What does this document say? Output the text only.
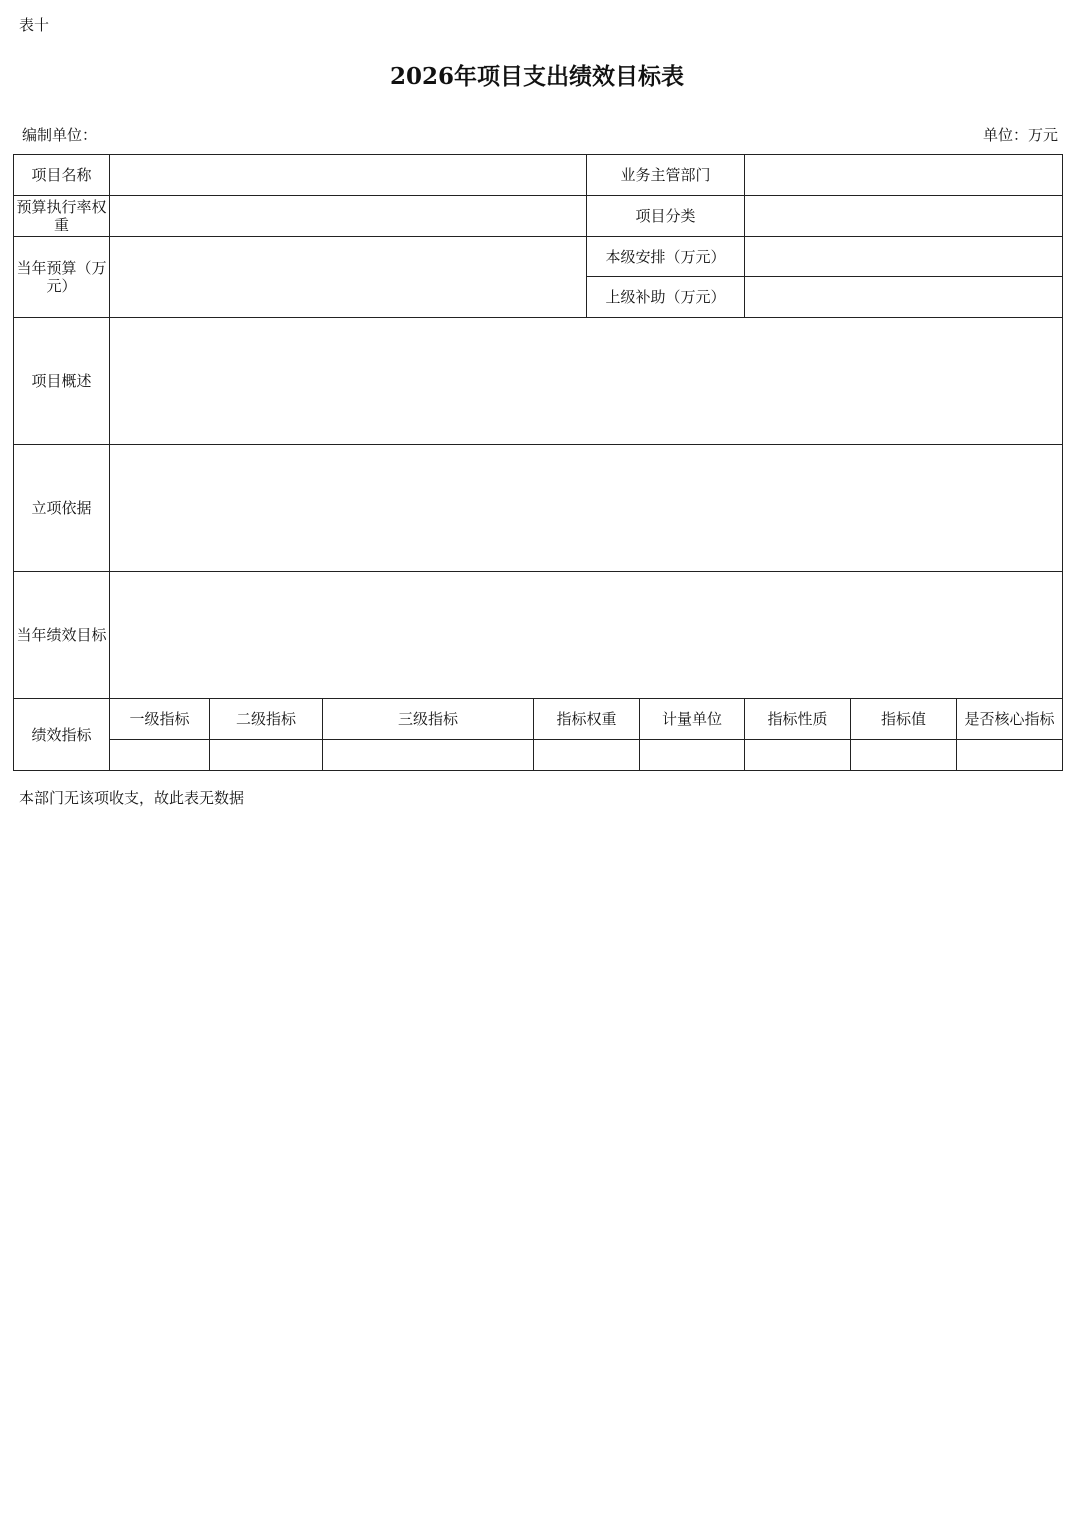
表十
2026年项目支出绩效目标表
编制单位：	单位：万元
项目名称					业务主管部门				
预算执行率权重					项目分类				
当年预算（万元）					本级安排（万元）				
					上级补助（万元）				
项目概述									
立项依据									
当年绩效目标									
绩效指标	一级指标	二级指标	三级指标	指标权重		计量单位	指标性质	指标值	是否核心指标

本部门无该项收支，故此表无数据
